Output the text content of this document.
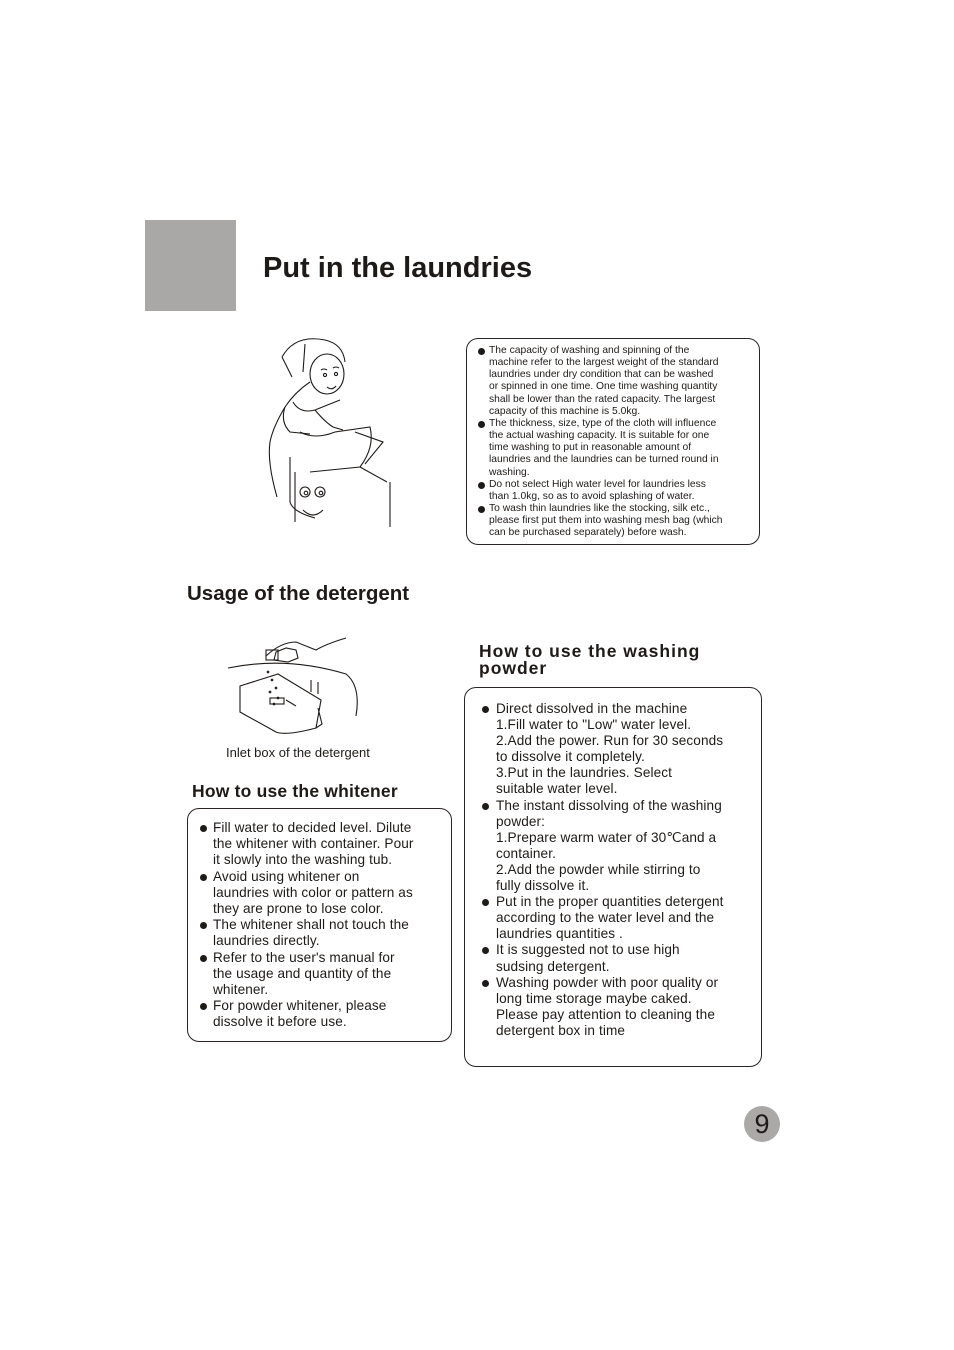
Put in the laundries
The capacity of washing and spinning of the
machine refer to the largest weight of the standard
laundries under dry condition that can be washed
or spinned in one time. One time washing quantity
shall be lower than the rated capacity. The largest
capacity of this machine is 5.0kg.
The thickness, size, type of the cloth will influence
the actual washing capacity. It is suitable for one
time washing to put in reasonable amount of
laundries and the laundries can be turned round in
washing.
Do not select High water level for laundries less
than 1.0kg, so as to avoid splashing of water.
To wash thin laundries like the stocking, silk etc.,
please first put them into washing mesh bag (which
can be purchased separately) before wash.
Usage of the detergent

Inlet box of the detergent

How to use the whitener
Fill water to decided level. Dilute
the whitener with container. Pour
it slowly into the washing tub.
Avoid using whitener on
laundries with color or pattern as
they are prone to lose color.
The whitener shall not touch the
laundries directly.
Refer to the user's manual for
the usage and quantity of the
whitener.
For powder whitener, please
dissolve it before use.
How to use the washing powder
Direct dissolved in the machine
1.Fill water to "Low" water level.
2.Add the power. Run for 30 seconds
to dissolve it completely.
3.Put in the laundries. Select
suitable water level.
The instant dissolving of the washing
powder:
1.Prepare warm water of 30℃and a
container.
2.Add the powder while stirring to
fully dissolve it.
Put in the proper quantities detergent
according to the water level and the
laundries quantities .
It is suggested not to use high
sudsing detergent.
Washing powder with poor quality or
long time storage maybe caked.
Please pay attention to cleaning the
detergent box in time
9
